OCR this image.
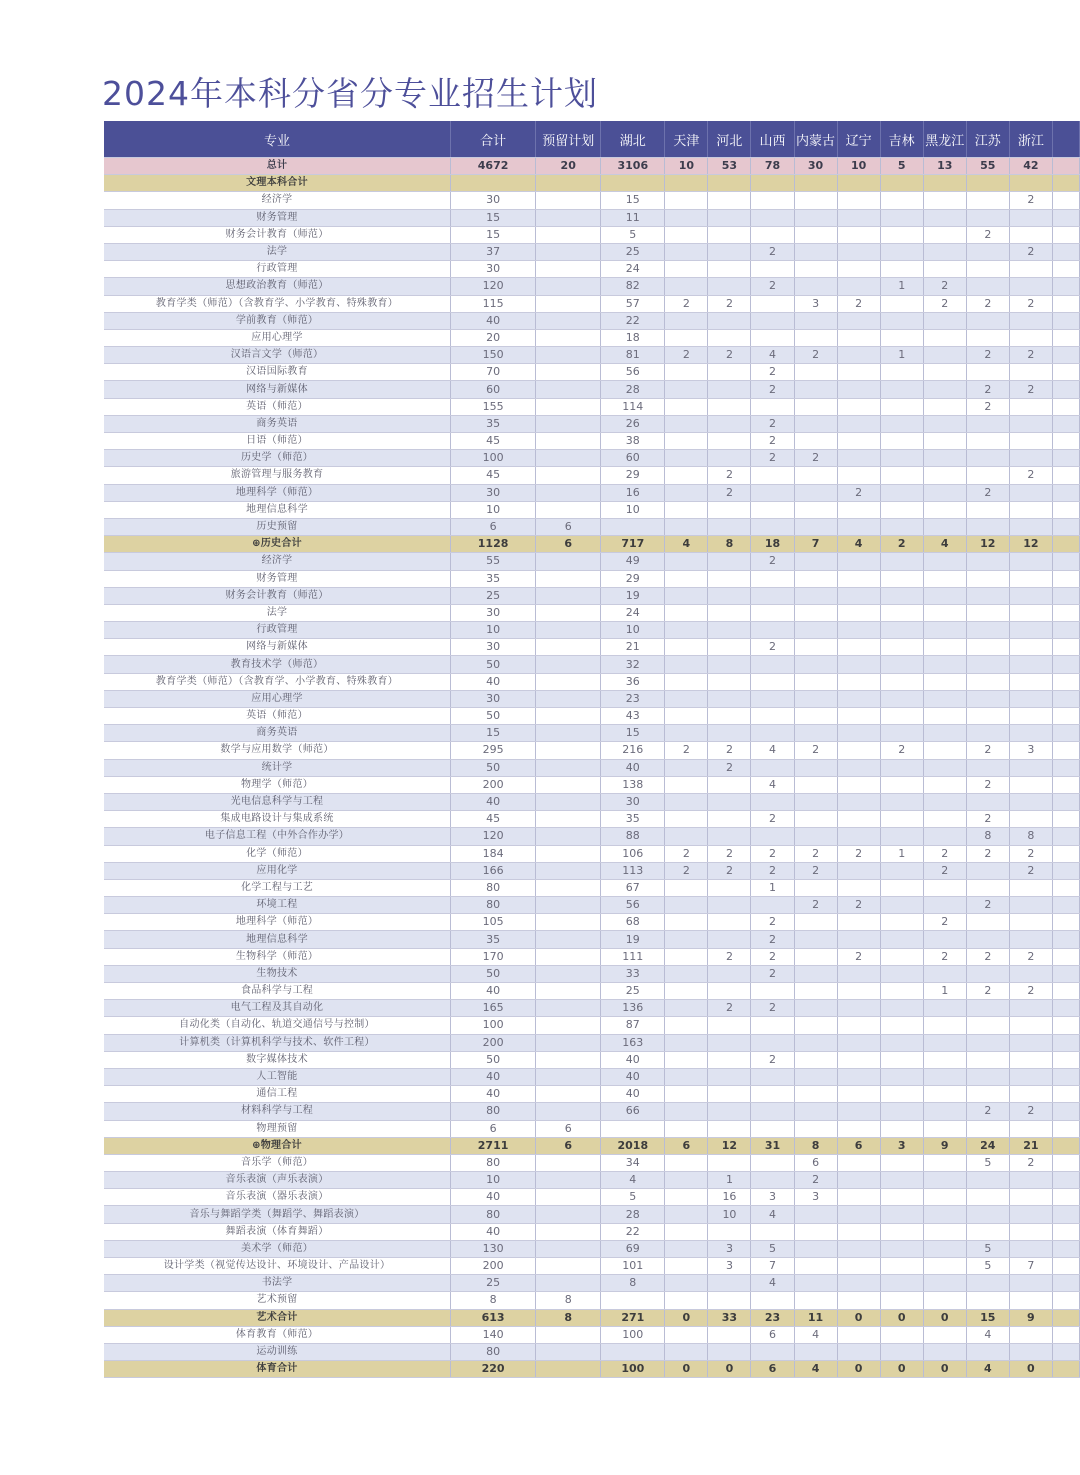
2024年本科分省分专业招生计划
专业	合计	预留计划	湖北	天津	河北	山西	内蒙古	辽宁	吉林	黑龙江	江苏	浙江	
总计	4672	20	3106	10	53	78	30	10	5	13	55	42	
文理本科合计													
经济学	30		15									2	
财务管理	15		11										
财务会计教育（师范）	15		5								2		
法学	37		25			2						2	
行政管理	30		24										
思想政治教育（师范）	120		82			2			1	2			
教育学类（师范）（含教育学、小学教育、特殊教育）	115		57	2	2		3	2		2	2	2	
学前教育（师范）	40		22										
应用心理学	20		18										
汉语言文学（师范）	150		81	2	2	4	2		1		2	2	
汉语国际教育	70		56			2							
网络与新媒体	60		28			2					2	2	
英语（师范）	155		114								2		
商务英语	35		26			2							
日语（师范）	45		38			2							
历史学（师范）	100		60			2	2						
旅游管理与服务教育	45		29		2							2	
地理科学（师范）	30		16		2			2			2		
地理信息科学	10		10										
历史预留	6	6											
⊕历史合计	1128	6	717	4	8	18	7	4	2	4	12	12	
经济学	55		49			2							
财务管理	35		29										
财务会计教育（师范）	25		19										
法学	30		24										
行政管理	10		10										
网络与新媒体	30		21			2							
教育技术学（师范）	50		32										
教育学类（师范）（含教育学、小学教育、特殊教育）	40		36										
应用心理学	30		23										
英语（师范）	50		43										
商务英语	15		15										
数学与应用数学（师范）	295		216	2	2	4	2		2		2	3	
统计学	50		40		2								
物理学（师范）	200		138			4					2		
光电信息科学与工程	40		30										
集成电路设计与集成系统	45		35			2					2		
电子信息工程（中外合作办学）	120		88								8	8	
化学（师范）	184		106	2	2	2	2	2	1	2	2	2	
应用化学	166		113	2	2	2	2			2		2	
化学工程与工艺	80		67			1							
环境工程	80		56				2	2			2		
地理科学（师范）	105		68			2				2			
地理信息科学	35		19			2							
生物科学（师范）	170		111		2	2		2		2	2	2	
生物技术	50		33			2							
食品科学与工程	40		25							1	2	2	
电气工程及其自动化	165		136		2	2							
自动化类（自动化、轨道交通信号与控制）	100		87										
计算机类（计算机科学与技术、软件工程）	200		163										
数字媒体技术	50		40			2							
人工智能	40		40										
通信工程	40		40										
材料科学与工程	80		66								2	2	
物理预留	6	6											
⊕物理合计	2711	6	2018	6	12	31	8	6	3	9	24	21	
音乐学（师范）	80		34				6				5	2	
音乐表演（声乐表演）	10		4		1		2						
音乐表演（器乐表演）	40		5		16	3	3						
音乐与舞蹈学类（舞蹈学、舞蹈表演）	80		28		10	4							
舞蹈表演（体育舞蹈）	40		22										
美术学（师范）	130		69		3	5					5		
设计学类（视觉传达设计、环境设计、产品设计）	200		101		3	7					5	7	
书法学	25		8			4							
艺术预留	8	8											
艺术合计	613	8	271	0	33	23	11	0	0	0	15	9	
体育教育（师范）	140		100			6	4				4		
运动训练	80												
体育合计	220		100	0	0	6	4	0	0	0	4	0	
